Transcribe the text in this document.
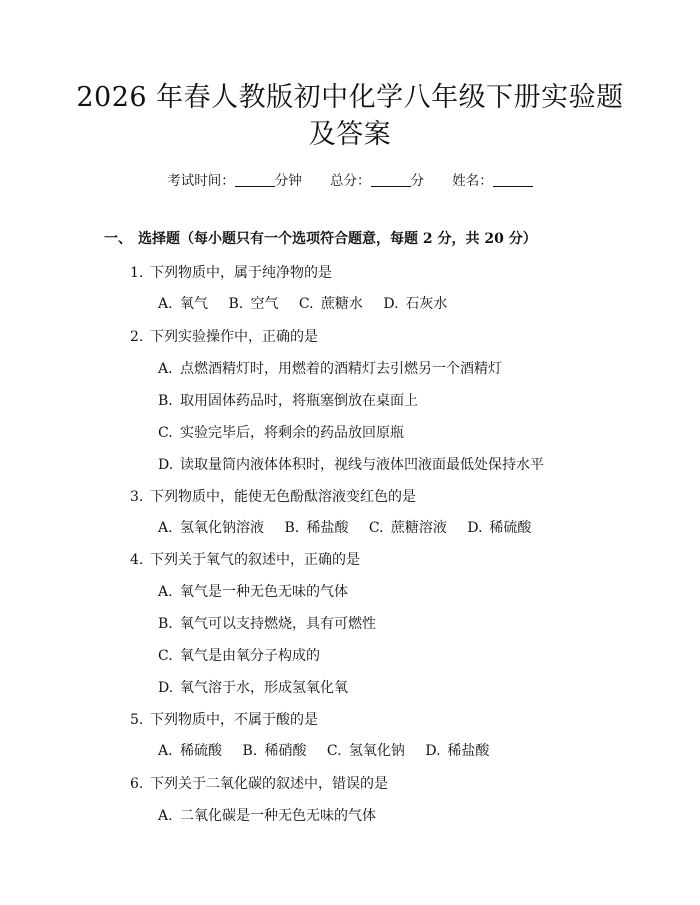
2026 年春人教版初中化学八年级下册实验题
及答案
考试时间：	分钟 总分：	分 姓名：
一、 选择题（每小题只有一个选项符合题意，每题 2 分，共 20 分）
1. 下列物质中，属于纯净物的是
A. 氧气 B. 空气 C. 蔗糖水 D. 石灰水
2. 下列实验操作中，正确的是
A. 点燃酒精灯时，用燃着的酒精灯去引燃另一个酒精灯
B. 取用固体药品时，将瓶塞倒放在桌面上
C. 实验完毕后，将剩余的药品放回原瓶
D. 读取量筒内液体体积时，视线与液体凹液面最低处保持水平
3. 下列物质中，能使无色酚酞溶液变红色的是
A. 氢氧化钠溶液 B. 稀盐酸 C. 蔗糖溶液 D. 稀硫酸
4. 下列关于氧气的叙述中，正确的是
A. 氧气是一种无色无味的气体
B. 氧气可以支持燃烧，具有可燃性
C. 氧气是由氧分子构成的
D. 氧气溶于水，形成氢氧化氧
5. 下列物质中，不属于酸的是
A. 稀硫酸 B. 稀硝酸 C. 氢氧化钠 D. 稀盐酸
6. 下列关于二氧化碳的叙述中，错误的是
A. 二氧化碳是一种无色无味的气体
